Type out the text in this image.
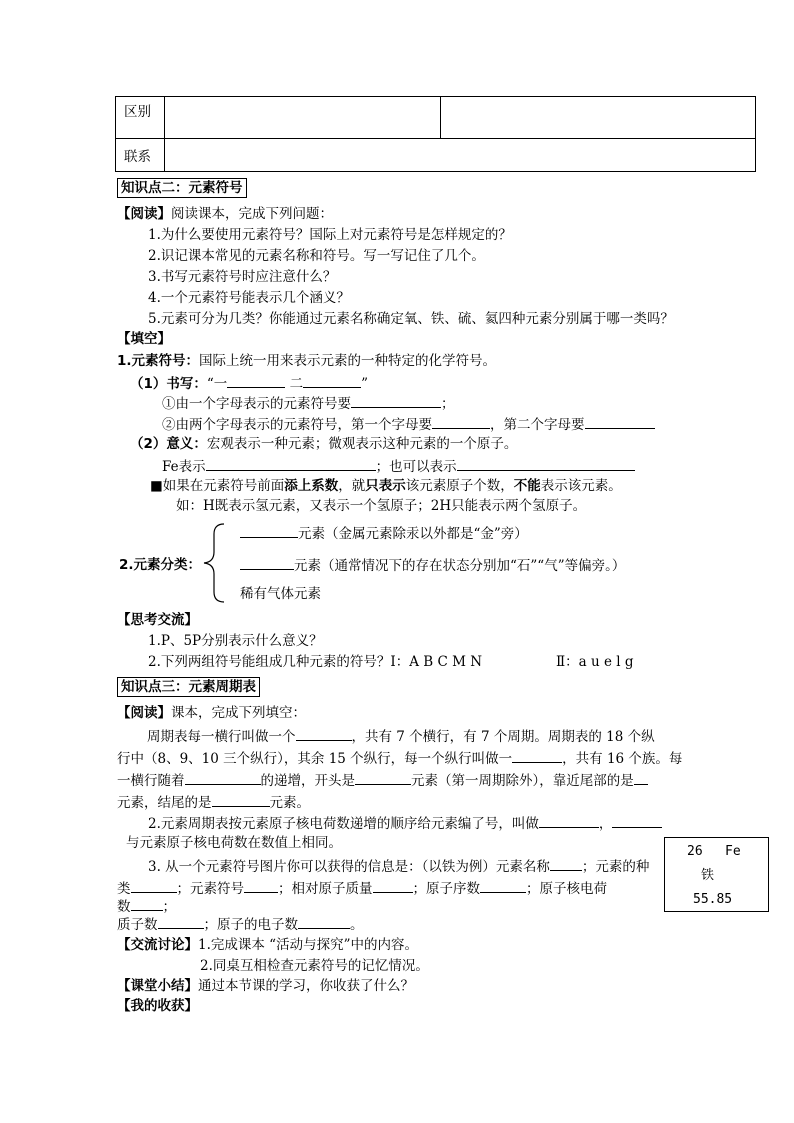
区别		
联系		
知识点二：元素符号
【阅读】阅读课本，完成下列问题：
1.为什么要使用元素符号？国际上对元素符号是怎样规定的？
2.识记课本常见的元素名称和符号。写一写记住了几个。
3.书写元素符号时应注意什么？
4.一个元素符号能表示几个涵义？
5.元素可分为几类？你能通过元素名称确定氧、铁、硫、氦四种元素分别属于哪一类吗？
【填空】
1.元素符号：国际上统一用来表示元素的一种特定的化学符号。
（1）书写：“一	二	”
①由一个字母表示的元素符号要	；
②由两个字母表示的元素符号，第一个字母要	，第二个字母要
（2）意义：宏观表示一种元素；微观表示这种元素的一个原子。
Fe表示	；也可以表示
■如果在元素符号前面添上系数，就只表示该元素原子个数，不能表示该元素。
如：H既表示氢元素，又表示一个氢原子；2H只能表示两个氢原子。
2.元素分类：
元素（金属元素除汞以外都是“金”旁）
元素（通常情况下的存在状态分别加“石”“气”等偏旁。）
稀有气体元素
【思考交流】
1.P、5P分别表示什么意义？
2.下列两组符号能组成几种元素的符号？Ⅰ：A B C M N	Ⅱ：a u e l g
知识点三：元素周期表
【阅读】课本，完成下列填空：
周期表每一横行叫做一个	，共有 7 个横行，有 7 个周期。周期表的 18 个纵
行中（8、9、10 三个纵行），其余 15 个纵行，每一个纵行叫做一	，共有 16 个族。每
一横行随着	的递增，开头是	元素（第一周期除外），靠近尾部的是
元素，结尾的是	元素。
2.元素周期表按元素原子核电荷数递增的顺序给元素编了号，叫做	，
与元素原子核电荷数在数值上相同。
3. 从一个元素符号图片你可以获得的信息是：（以铁为例）元素名称 ；元素的种
类	；元素符号	；相对原子质量	；原子序数	；原子核电荷
数 ；
质子数	；原子的电子数	。
26 Fe
铁
55.85
【交流讨论】1.完成课本 “活动与探究”中的内容。
2.同桌互相检查元素符号的记忆情况。
【课堂小结】通过本节课的学习，你收获了什么？
【我的收获】
